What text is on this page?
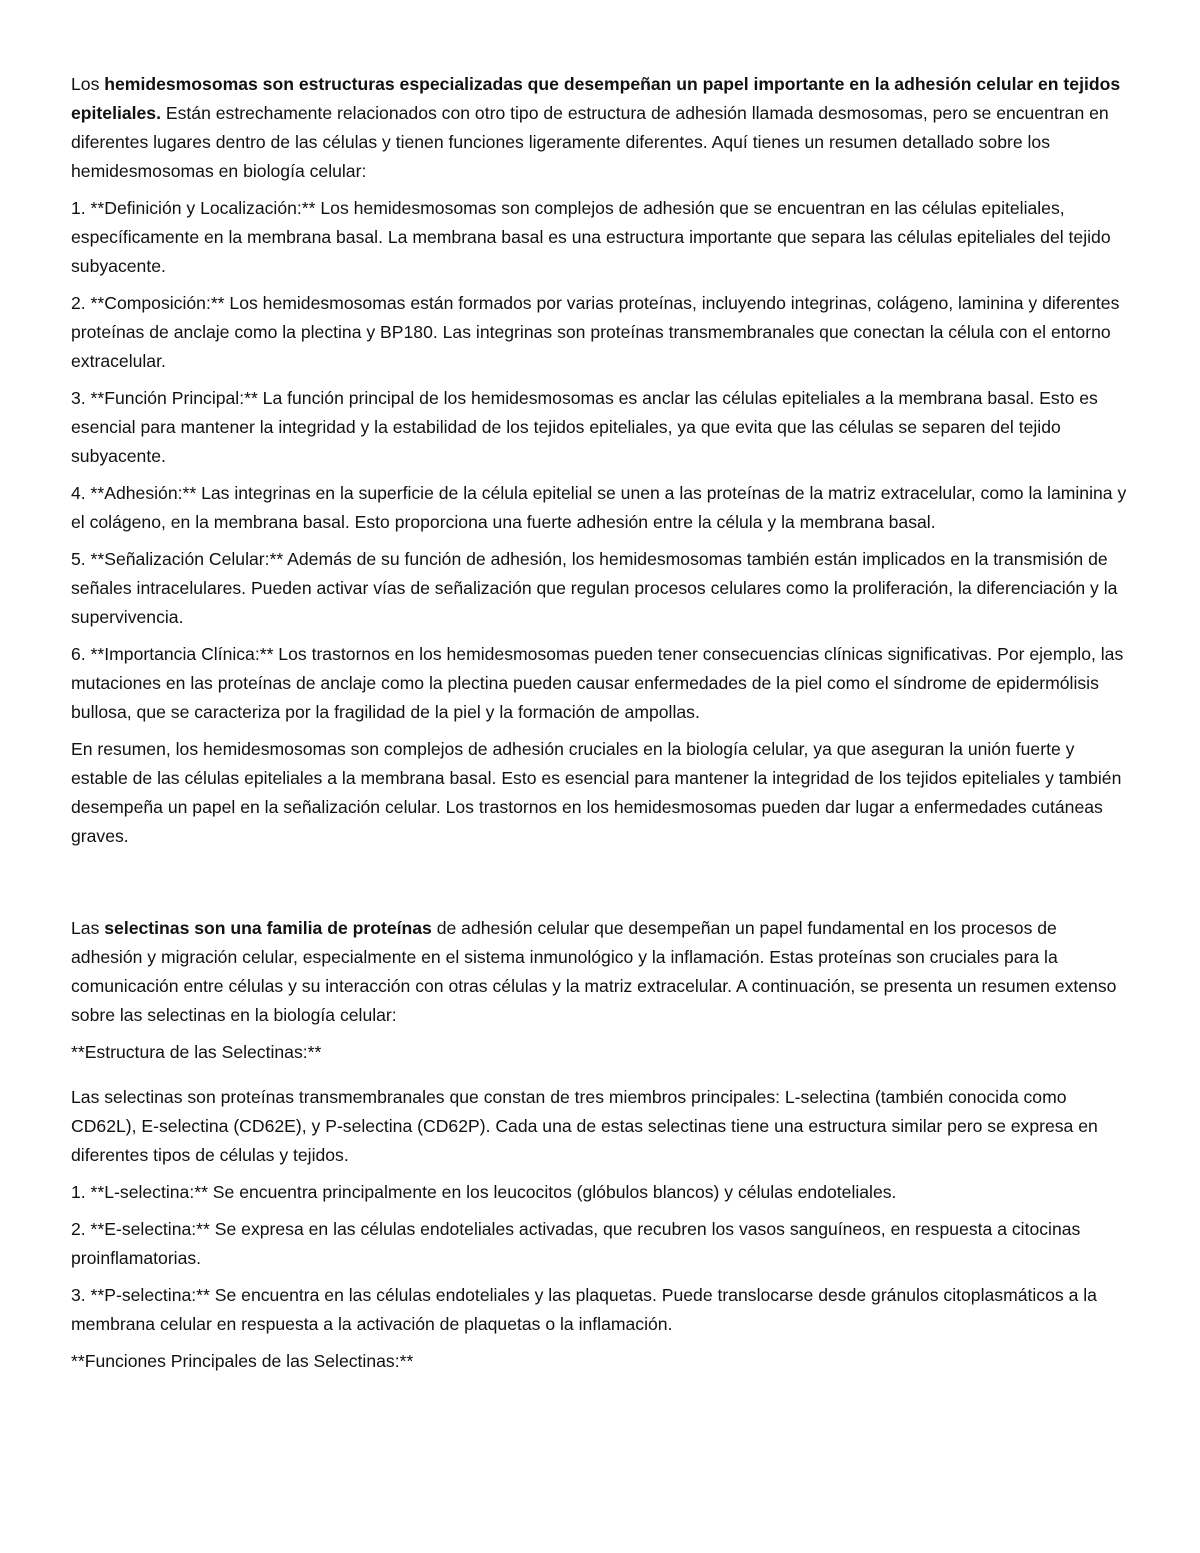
Los hemidesmosomas son estructuras especializadas que desempeñan un papel importante en la adhesión celular en tejidos epiteliales. Están estrechamente relacionados con otro tipo de estructura de adhesión llamada desmosomas, pero se encuentran en diferentes lugares dentro de las células y tienen funciones ligeramente diferentes. Aquí tienes un resumen detallado sobre los hemidesmosomas en biología celular:

1. **Definición y Localización:** Los hemidesmosomas son complejos de adhesión que se encuentran en las células epiteliales, específicamente en la membrana basal. La membrana basal es una estructura importante que separa las células epiteliales del tejido subyacente.

2. **Composición:** Los hemidesmosomas están formados por varias proteínas, incluyendo integrinas, colágeno, laminina y diferentes proteínas de anclaje como la plectina y BP180. Las integrinas son proteínas transmembranales que conectan la célula con el entorno extracelular.

3. **Función Principal:** La función principal de los hemidesmosomas es anclar las células epiteliales a la membrana basal. Esto es esencial para mantener la integridad y la estabilidad de los tejidos epiteliales, ya que evita que las células se separen del tejido subyacente.

4. **Adhesión:** Las integrinas en la superficie de la célula epitelial se unen a las proteínas de la matriz extracelular, como la laminina y el colágeno, en la membrana basal. Esto proporciona una fuerte adhesión entre la célula y la membrana basal.

5. **Señalización Celular:** Además de su función de adhesión, los hemidesmosomas también están implicados en la transmisión de señales intracelulares. Pueden activar vías de señalización que regulan procesos celulares como la proliferación, la diferenciación y la supervivencia.

6. **Importancia Clínica:** Los trastornos en los hemidesmosomas pueden tener consecuencias clínicas significativas. Por ejemplo, las mutaciones en las proteínas de anclaje como la plectina pueden causar enfermedades de la piel como el síndrome de epidermólisis bullosa, que se caracteriza por la fragilidad de la piel y la formación de ampollas.

En resumen, los hemidesmosomas son complejos de adhesión cruciales en la biología celular, ya que aseguran la unión fuerte y estable de las células epiteliales a la membrana basal. Esto es esencial para mantener la integridad de los tejidos epiteliales y también desempeña un papel en la señalización celular. Los trastornos en los hemidesmosomas pueden dar lugar a enfermedades cutáneas graves.

Las selectinas son una familia de proteínas de adhesión celular que desempeñan un papel fundamental en los procesos de adhesión y migración celular, especialmente en el sistema inmunológico y la inflamación. Estas proteínas son cruciales para la comunicación entre células y su interacción con otras células y la matriz extracelular. A continuación, se presenta un resumen extenso sobre las selectinas en la biología celular:

**Estructura de las Selectinas:**

Las selectinas son proteínas transmembranales que constan de tres miembros principales: L-selectina (también conocida como CD62L), E-selectina (CD62E), y P-selectina (CD62P). Cada una de estas selectinas tiene una estructura similar pero se expresa en diferentes tipos de células y tejidos.

1. **L-selectina:** Se encuentra principalmente en los leucocitos (glóbulos blancos) y células endoteliales.

2. **E-selectina:** Se expresa en las células endoteliales activadas, que recubren los vasos sanguíneos, en respuesta a citocinas proinflamatorias.

3. **P-selectina:** Se encuentra en las células endoteliales y las plaquetas. Puede translocarse desde gránulos citoplasmáticos a la membrana celular en respuesta a la activación de plaquetas o la inflamación.

**Funciones Principales de las Selectinas:**
